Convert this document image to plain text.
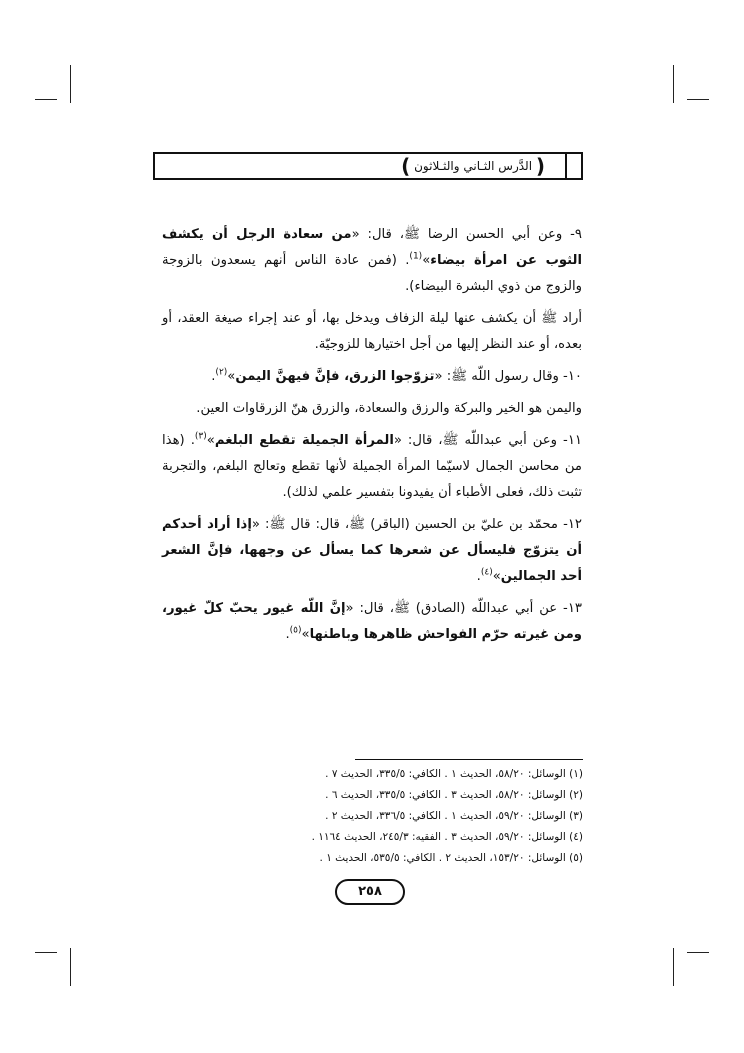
( الدَّرس الثـاني والثـلاثون )

٩- وعن أبي الحسن الرضا ﷺ، قال: «من سعادة الرجل أن يكشف الثوب عن امرأة بيضاء»$^{(1)}$. (فمن عادة الناس أنهم يسعدون بالزوجة والزوج من ذوي البشرة البيضاء).

أراد ﷺ أن يكشف عنها ليلة الزفاف ويدخل بها، أو عند إجراء صيغة العقد، أو بعده، أو عند النظر إليها من أجل اختيارها للزوجيّة.

١٠- وقال رسول اللّه ﷺ: «تزوّجوا الزرق، فإنَّ فيهنَّ اليمن»$^{(٢)}$.

واليمن هو الخير والبركة والرزق والسعادة، والزرق هنّ الزرقاوات العين.

١١- وعن أبي عبداللّه ﷺ، قال: «المرأة الجميلة تقطع البلغم»$^{(٣)}$. (هذا من محاسن الجمال لاسيّما المرأة الجميلة لأنها تقطع وتعالج البلغم، والتجربة تثبت ذلك، فعلى الأطباء أن يفيدونا بتفسير علمي لذلك).

١٢- محمّد بن عليّ بن الحسين (الباقر) ﷺ، قال: قال ﷺ: «إذا أراد أحدكم أن يتزوّج فليسأل عن شعرها كما يسأل عن وجهها، فإنَّ الشعر أحد الجمالين»$^{(٤)}$.

١٣- عن أبي عبداللّه (الصادق) ﷺ، قال: «إنَّ اللّه غيور يحبّ كلّ غيور، ومن غيرته حرّم الفواحش ظاهرها وباطنها»$^{(٥)}$.

(١) الوسائل: ٥٨/٢٠، الحديث ١ . الكافي: ٣٣٥/٥، الحديث ٧ .
(٢) الوسائل: ٥٨/٢٠، الحديث ٣ . الكافي: ٣٣٥/٥، الحديث ٦ .
(٣) الوسائل: ٥٩/٢٠، الحديث ١ . الكافي: ٣٣٦/٥، الحديث ٢ .
(٤) الوسائل: ٥٩/٢٠، الحديث ٣ . الفقيه: ٢٤٥/٣، الحديث ١١٦٤ .
(٥) الوسائل: ١٥٣/٢٠، الحديث ٢ . الكافي: ٥٣٥/٥، الحديث ١ .
٢٥٨
